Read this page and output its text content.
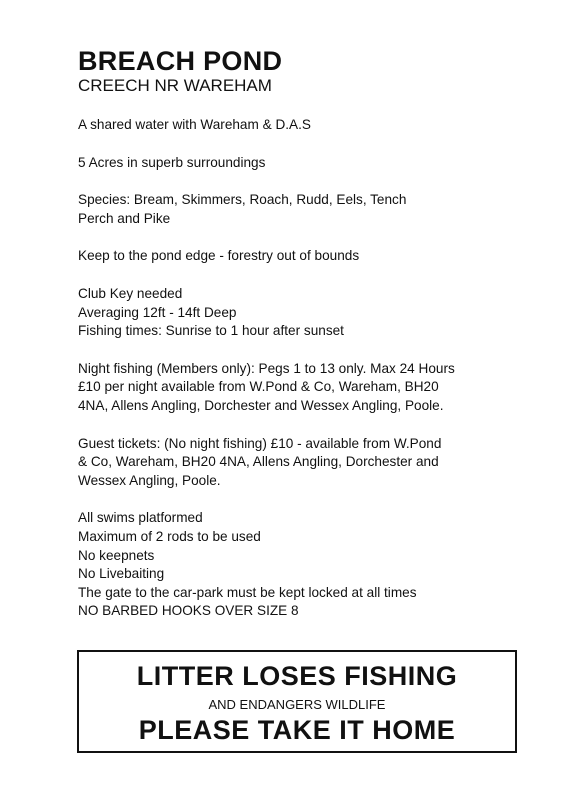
BREACH POND
CREECH NR WAREHAM
A shared water with Wareham & D.A.S
5 Acres in superb surroundings
Species: Bream, Skimmers, Roach, Rudd, Eels, Tench
Perch and Pike
Keep to the pond edge - forestry out of bounds
Club Key needed
Averaging 12ft - 14ft Deep
Fishing times: Sunrise to 1 hour after sunset
Night fishing (Members only): Pegs 1 to 13 only. Max 24 Hours
£10 per night available from W.Pond & Co, Wareham, BH20
4NA, Allens Angling, Dorchester and Wessex Angling, Poole.
Guest tickets: (No night fishing) £10 - available from W.Pond
& Co, Wareham, BH20 4NA, Allens Angling, Dorchester and
Wessex Angling, Poole.
All swims platformed
Maximum of 2 rods to be used
No keepnets
No Livebaiting
The gate to the car-park must be kept locked at all times
NO BARBED HOOKS OVER SIZE 8
LITTER LOSES FISHING
AND ENDANGERS WILDLIFE
PLEASE TAKE IT HOME
